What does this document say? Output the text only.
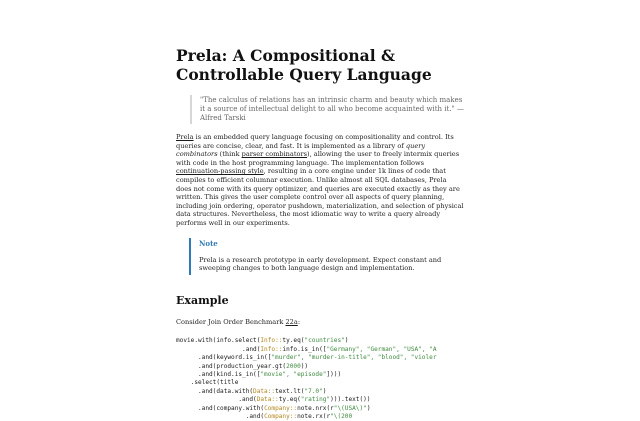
Prela: A Compositional & Controllable Query Language
"The calculus of relations has an intrinsic charm and beauty which makes it a source of intellectual delight to all who become acquainted with it." —Alfred Tarski

Prela is an embedded query language focusing on compositionality and control. Its queries are concise, clear, and fast. It is implemented as a library of query combinators (think parser combinators), allowing the user to freely intermix queries with code in the host programming language. The implementation follows continuation-passing style, resulting in a core engine under 1k lines of code that compiles to efficient columnar execution. Unlike almost all SQL databases, Prela does not come with its query optimizer, and queries are executed exactly as they are written. This gives the user complete control over all aspects of query planning, including join ordering, operator pushdown, materialization, and selection of physical data structures. Nevertheless, the most idiomatic way to write a query already performs well in our experiments.

Note
Prela is a research prototype in early development. Expect constant and sweeping changes to both language design and implementation.
Example

Consider Join Order Benchmark 22a:

movie.with(info.select(Info::ty.eq("countries")
.and(Info::info.is_in(["Germany", "German", "USA", "A
.and(keyword.is_in(["murder", "murder-in-title", "blood", "violer
.and(production_year.gt(2000))
.and(kind.is_in(["movie", "episode"])))
.select(title
.and(data.with(Data::text.lt("7.0")
.and(Data::ty.eq("rating"))).text())
.and(company.with(Company::note.nrx(r"\(USA\)")
.and(Company::note.rx(r"\(200
